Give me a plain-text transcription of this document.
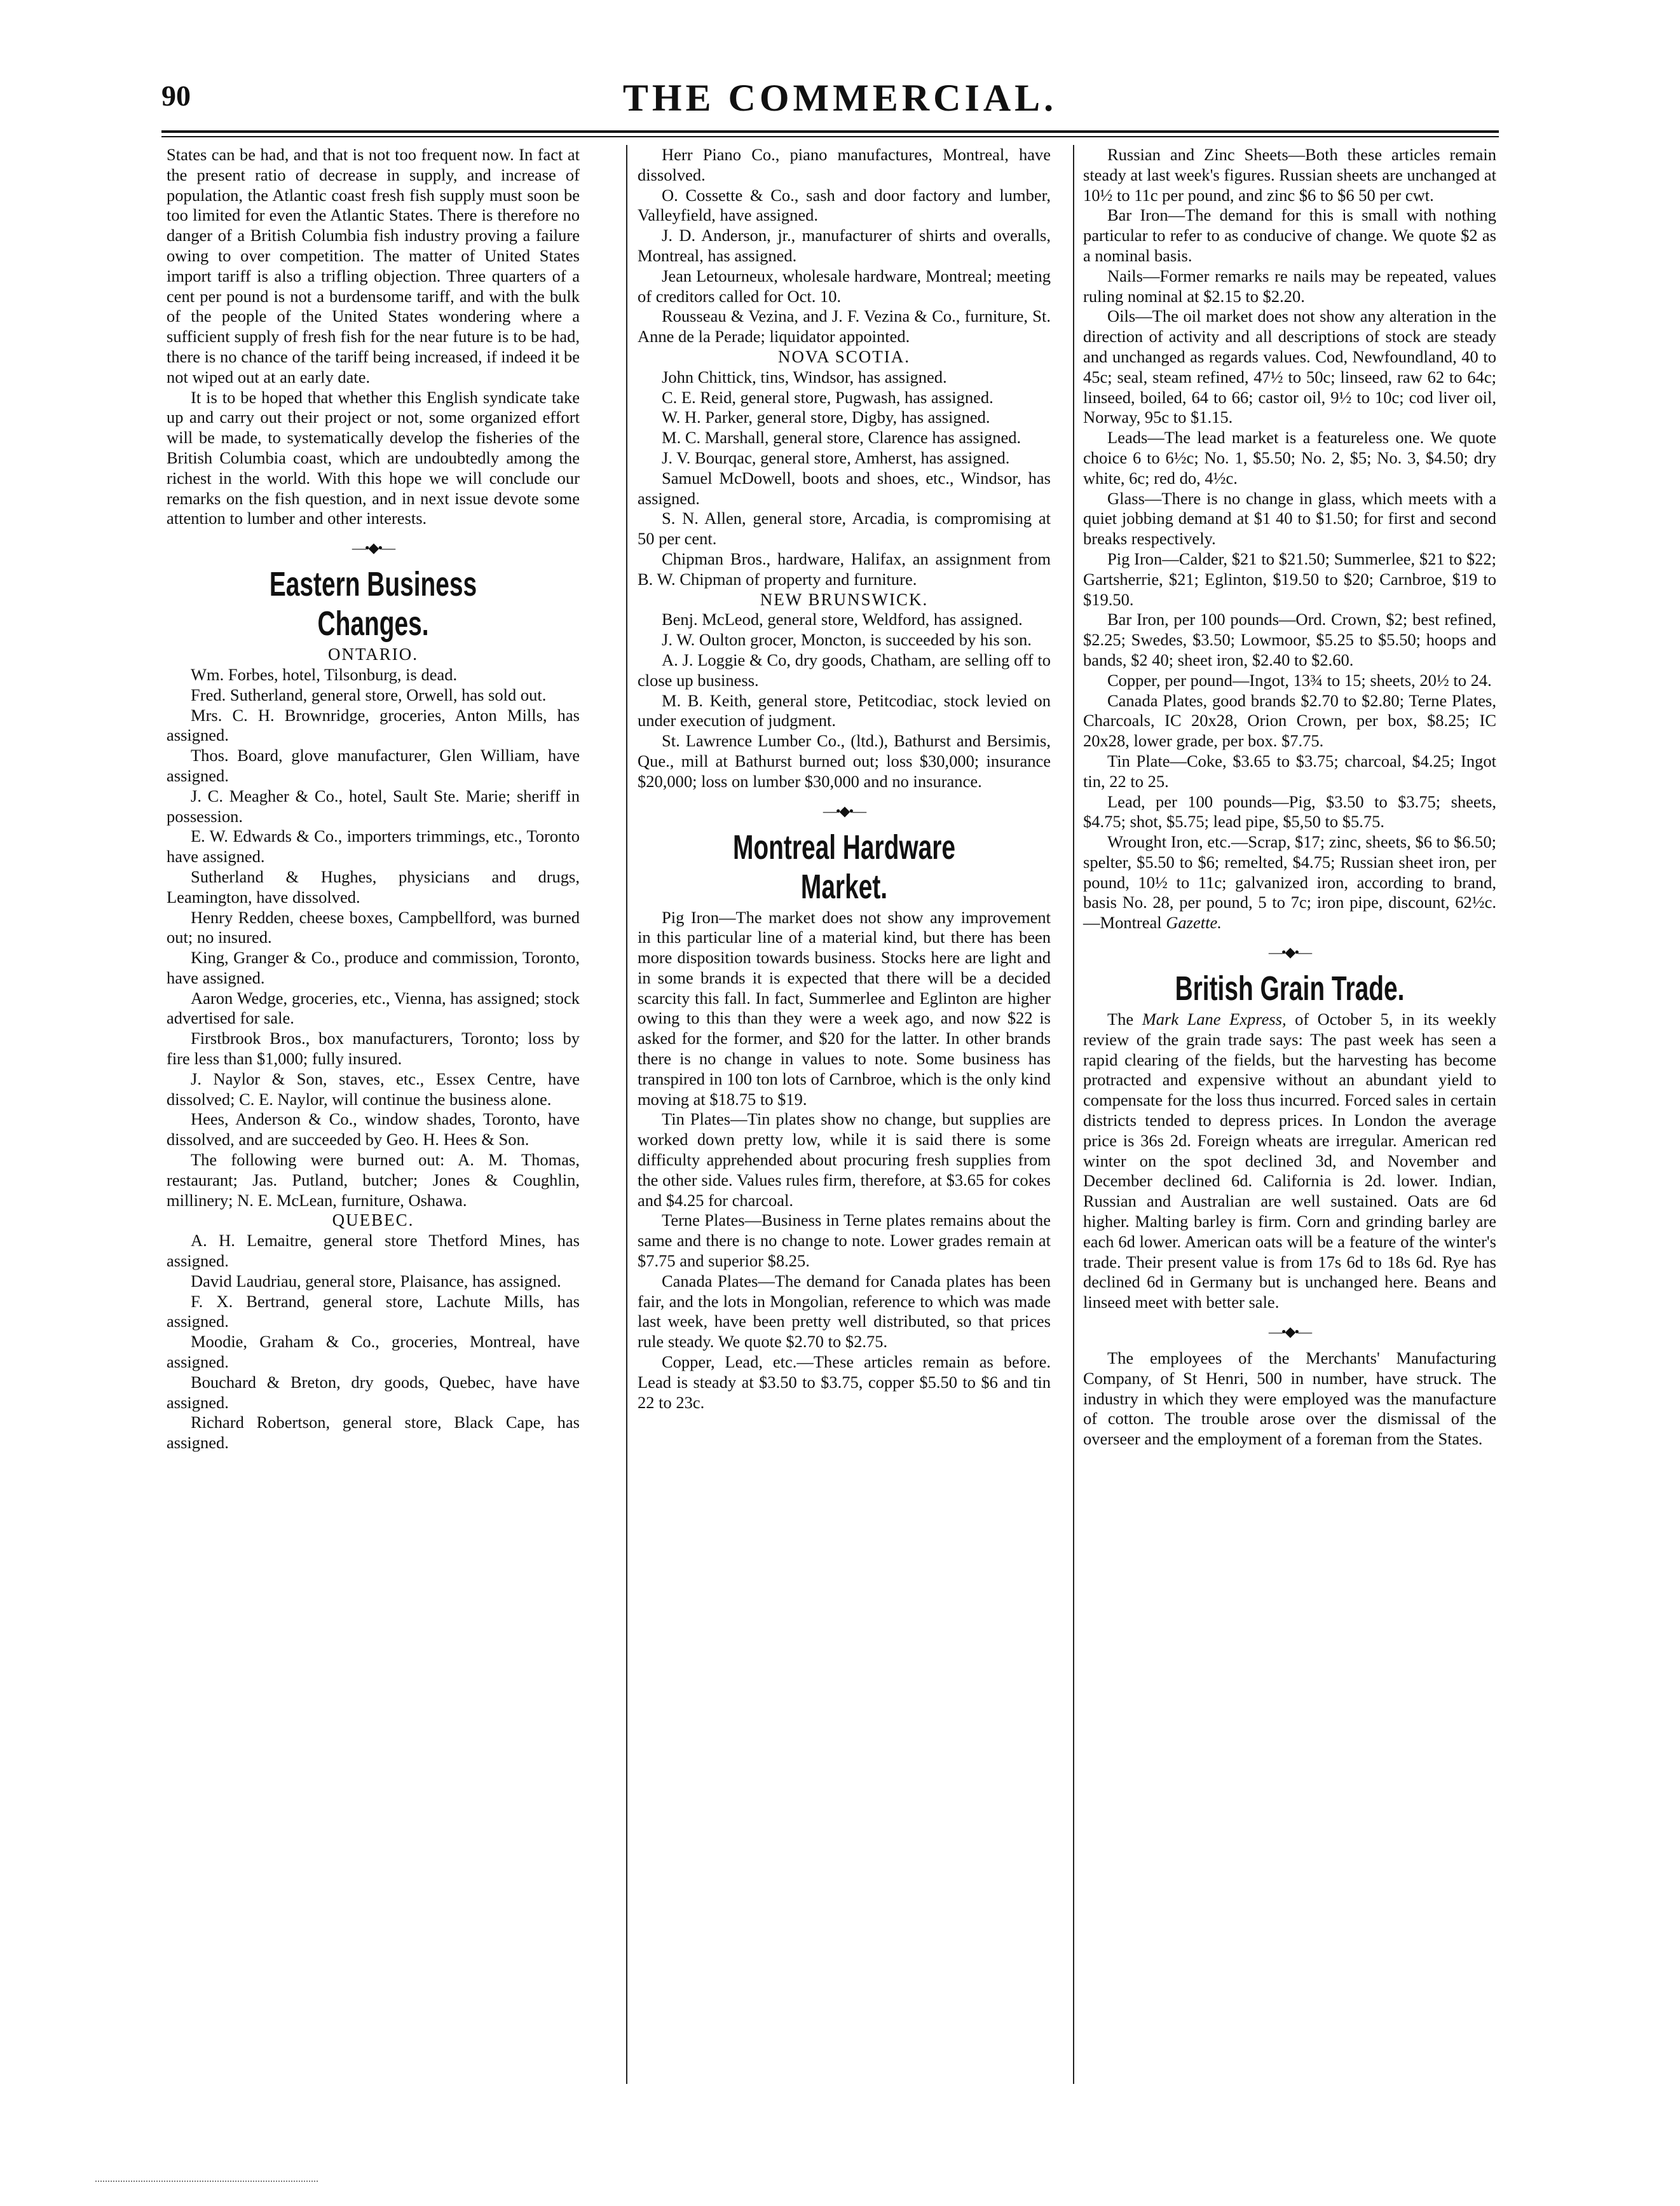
90	THE COMMERCIAL.

States can be had, and that is not too frequent now. In fact at the present ratio of decrease in supply, and increase of population, the Atlantic coast fresh fish supply must soon be too limited for even the Atlantic States. There is therefore no danger of a British Columbia fish industry proving a failure owing to over competition. The matter of United States import tariff is also a trifling objection. Three quarters of a cent per pound is not a burdensome tariff, and with the bulk of the people of the United States wondering where a sufficient supply of fresh fish for the near future is to be had, there is no chance of the tariff being increased, if indeed it be not wiped out at an early date.

It is to be hoped that whether this English syndicate take up and carry out their project or not, some organized effort will be made, to systematically develop the fisheries of the British Columbia coast, which are undoubtedly among the richest in the world. With this hope we will conclude our remarks on the fish question, and in next issue devote some attention to lumber and other interests.

—•◆•—
Eastern Business Changes.

ONTARIO.

Wm. Forbes, hotel, Tilsonburg, is dead.

Fred. Sutherland, general store, Orwell, has sold out.

Mrs. C. H. Brownridge, groceries, Anton Mills, has assigned.

Thos. Board, glove manufacturer, Glen William, have assigned.

J. C. Meagher & Co., hotel, Sault Ste. Marie; sheriff in possession.

E. W. Edwards & Co., importers trimmings, etc., Toronto have assigned.

Sutherland & Hughes, physicians and drugs, Leamington, have dissolved.

Henry Redden, cheese boxes, Campbellford, was burned out; no insured.

King, Granger & Co., produce and commission, Toronto, have assigned.

Aaron Wedge, groceries, etc., Vienna, has assigned; stock advertised for sale.

Firstbrook Bros., box manufacturers, Toronto; loss by fire less than $1,000; fully insured.

J. Naylor & Son, staves, etc., Essex Centre, have dissolved; C. E. Naylor, will continue the business alone.

Hees, Anderson & Co., window shades, Toronto, have dissolved, and are succeeded by Geo. H. Hees & Son.

The following were burned out: A. M. Thomas, restaurant; Jas. Putland, butcher; Jones & Coughlin, millinery; N. E. McLean, furniture, Oshawa.

QUEBEC.

A. H. Lemaitre, general store Thetford Mines, has assigned.

David Laudriau, general store, Plaisance, has assigned.

F. X. Bertrand, general store, Lachute Mills, has assigned.

Moodie, Graham & Co., groceries, Montreal, have assigned.

Bouchard & Breton, dry goods, Quebec, have have assigned.

Richard Robertson, general store, Black Cape, has assigned.

Herr Piano Co., piano manufactures, Montreal, have dissolved.

O. Cossette & Co., sash and door factory and lumber, Valleyfield, have assigned.

J. D. Anderson, jr., manufacturer of shirts and overalls, Montreal, has assigned.

Jean Letourneux, wholesale hardware, Montreal; meeting of creditors called for Oct. 10.

Rousseau & Vezina, and J. F. Vezina & Co., furniture, St. Anne de la Perade; liquidator appointed.

NOVA SCOTIA.

John Chittick, tins, Windsor, has assigned.

C. E. Reid, general store, Pugwash, has assigned.

W. H. Parker, general store, Digby, has assigned.

M. C. Marshall, general store, Clarence has assigned.

J. V. Bourqac, general store, Amherst, has assigned.

Samuel McDowell, boots and shoes, etc., Windsor, has assigned.

S. N. Allen, general store, Arcadia, is compromising at 50 per cent.

Chipman Bros., hardware, Halifax, an assignment from B. W. Chipman of property and furniture.

NEW BRUNSWICK.

Benj. McLeod, general store, Weldford, has assigned.

J. W. Oulton grocer, Moncton, is succeeded by his son.

A. J. Loggie & Co, dry goods, Chatham, are selling off to close up business.

M. B. Keith, general store, Petitcodiac, stock levied on under execution of judgment.

St. Lawrence Lumber Co., (ltd.), Bathurst and Bersimis, Que., mill at Bathurst burned out; loss $30,000; insurance $20,000; loss on lumber $30,000 and no insurance.

—•◆•—
Montreal Hardware Market.

Pig Iron—The market does not show any improvement in this particular line of a material kind, but there has been more disposition towards business. Stocks here are light and in some brands it is expected that there will be a decided scarcity this fall. In fact, Summerlee and Eglinton are higher owing to this than they were a week ago, and now $22 is asked for the former, and $20 for the latter. In other brands there is no change in values to note. Some business has transpired in 100 ton lots of Carnbroe, which is the only kind moving at $18.75 to $19.

Tin Plates—Tin plates show no change, but supplies are worked down pretty low, while it is said there is some difficulty apprehended about procuring fresh supplies from the other side. Values rules firm, therefore, at $3.65 for cokes and $4.25 for charcoal.

Terne Plates—Business in Terne plates remains about the same and there is no change to note. Lower grades remain at $7.75 and superior $8.25.

Canada Plates—The demand for Canada plates has been fair, and the lots in Mongolian, reference to which was made last week, have been pretty well distributed, so that prices rule steady. We quote $2.70 to $2.75.

Copper, Lead, etc.—These articles remain as before. Lead is steady at $3.50 to $3.75, copper $5.50 to $6 and tin 22 to 23c.

Russian and Zinc Sheets—Both these articles remain steady at last week's figures. Russian sheets are unchanged at 10½ to 11c per pound, and zinc $6 to $6 50 per cwt.

Bar Iron—The demand for this is small with nothing particular to refer to as conducive of change. We quote $2 as a nominal basis.

Nails—Former remarks re nails may be repeated, values ruling nominal at $2.15 to $2.20.

Oils—The oil market does not show any alteration in the direction of activity and all descriptions of stock are steady and unchanged as regards values. Cod, Newfoundland, 40 to 45c; seal, steam refined, 47½ to 50c; linseed, raw 62 to 64c; linseed, boiled, 64 to 66; castor oil, 9½ to 10c; cod liver oil, Norway, 95c to $1.15.

Leads—The lead market is a featureless one. We quote choice 6 to 6½c; No. 1, $5.50; No. 2, $5; No. 3, $4.50; dry white, 6c; red do, 4½c.

Glass—There is no change in glass, which meets with a quiet jobbing demand at $1 40 to $1.50; for first and second breaks respectively.

Pig Iron—Calder, $21 to $21.50; Summerlee, $21 to $22; Gartsherrie, $21; Eglinton, $19.50 to $20; Carnbroe, $19 to $19.50.

Bar Iron, per 100 pounds—Ord. Crown, $2; best refined, $2.25; Swedes, $3.50; Lowmoor, $5.25 to $5.50; hoops and bands, $2 40; sheet iron, $2.40 to $2.60.

Copper, per pound—Ingot, 13¾ to 15; sheets, 20½ to 24.

Canada Plates, good brands $2.70 to $2.80; Terne Plates, Charcoals, IC 20x28, Orion Crown, per box, $8.25; IC 20x28, lower grade, per box. $7.75.

Tin Plate—Coke, $3.65 to $3.75; charcoal, $4.25; Ingot tin, 22 to 25.

Lead, per 100 pounds—Pig, $3.50 to $3.75; sheets, $4.75; shot, $5.75; lead pipe, $5,50 to $5.75.

Wrought Iron, etc.—Scrap, $17; zinc, sheets, $6 to $6.50; spelter, $5.50 to $6; remelted, $4.75; Russian sheet iron, per pound, 10½ to 11c; galvanized iron, according to brand, basis No. 28, per pound, 5 to 7c; iron pipe, discount, 62½c.—Montreal Gazette.

—•◆•—
British Grain Trade.

The Mark Lane Express, of October 5, in its weekly review of the grain trade says: The past week has seen a rapid clearing of the fields, but the harvesting has become protracted and expensive without an abundant yield to compensate for the loss thus incurred. Forced sales in certain districts tended to depress prices. In London the average price is 36s 2d. Foreign wheats are irregular. American red winter on the spot declined 3d, and November and December declined 6d. California is 2d. lower. Indian, Russian and Australian are well sustained. Oats are 6d higher. Malting barley is firm. Corn and grinding barley are each 6d lower. American oats will be a feature of the winter's trade. Their present value is from 17s 6d to 18s 6d. Rye has declined 6d in Germany but is unchanged here. Beans and linseed meet with better sale.

—•◆•—

The employees of the Merchants' Manufacturing Company, of St Henri, 500 in number, have struck. The industry in which they were employed was the manufacture of cotton. The trouble arose over the dismissal of the overseer and the employment of a foreman from the States.
